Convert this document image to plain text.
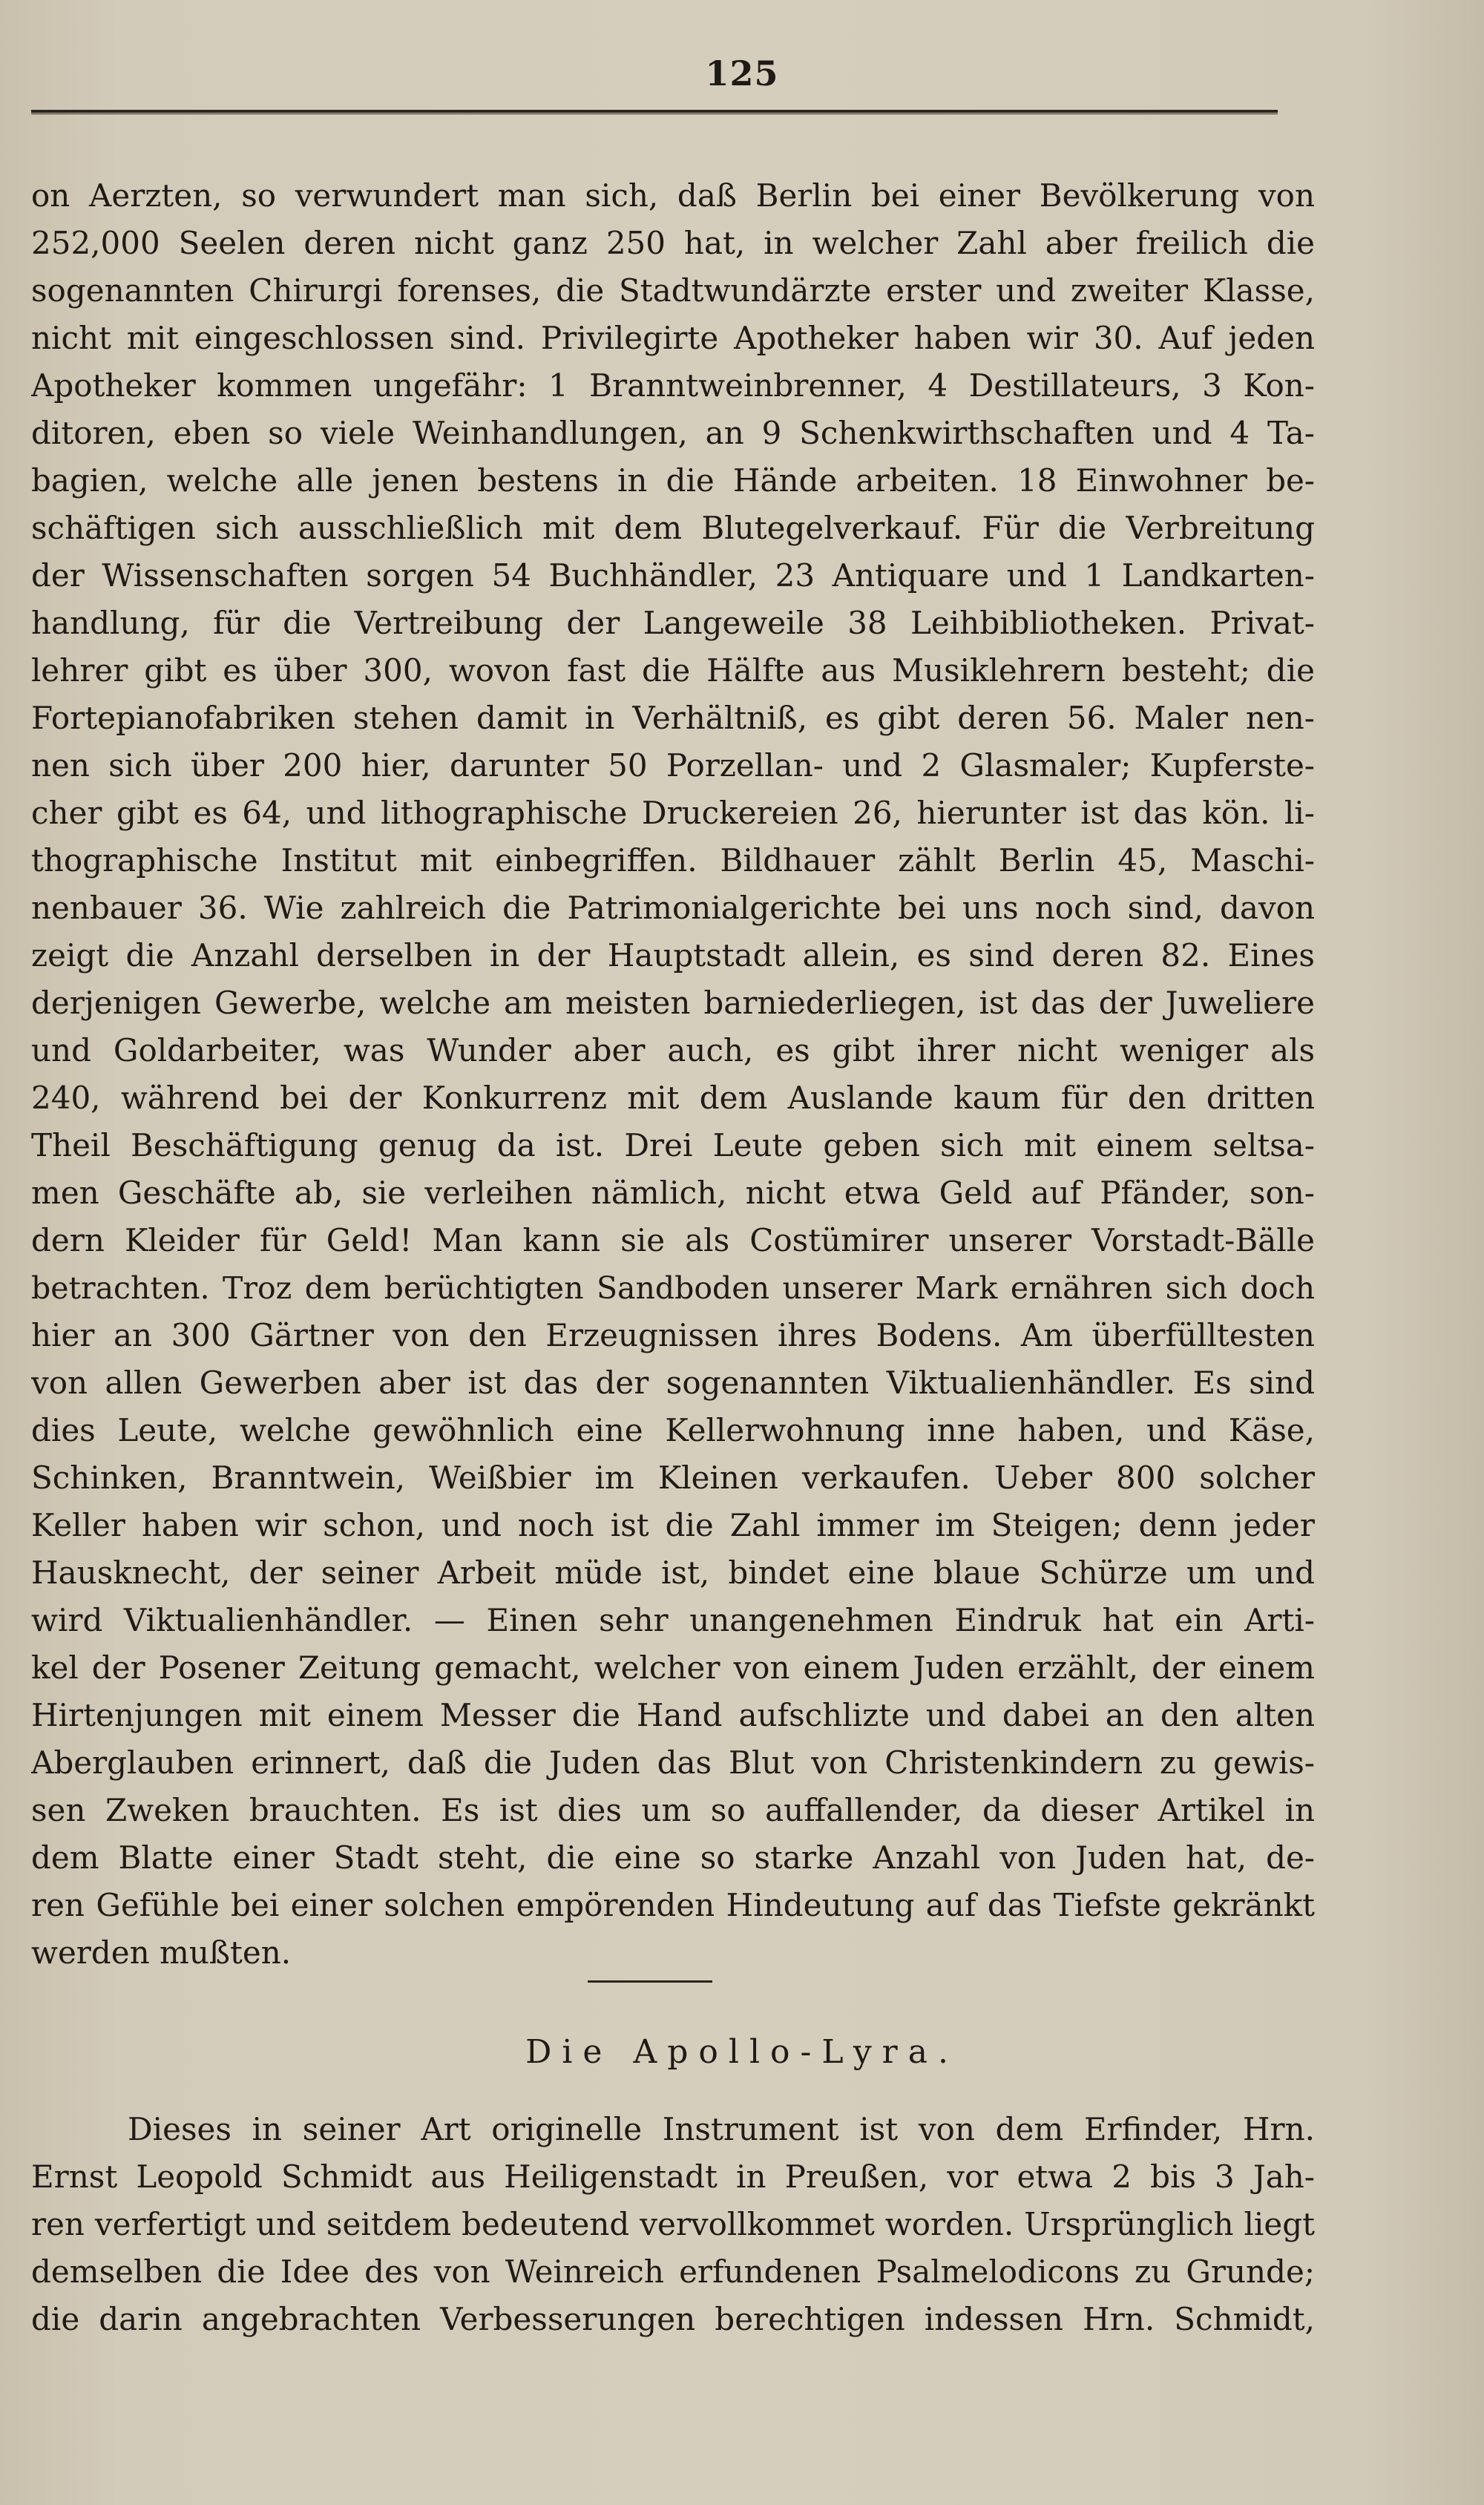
125
on Aerzten, so verwundert man sich, daß Berlin bei einer Bevölkerung von
252,000 Seelen deren nicht ganz 250 hat, in welcher Zahl aber freilich die
sogenannten Chirurgi forenses, die Stadtwundärzte erster und zweiter Klasse,
nicht mit eingeschlossen sind. Privilegirte Apotheker haben wir 30. Auf jeden
Apotheker kommen ungefähr: 1 Branntweinbrenner, 4 Destillateurs, 3 Kon-
ditoren, eben so viele Weinhandlungen, an 9 Schenkwirthschaften und 4 Ta-
bagien, welche alle jenen bestens in die Hände arbeiten. 18 Einwohner be-
schäftigen sich ausschließlich mit dem Blutegelverkauf. Für die Verbreitung
der Wissenschaften sorgen 54 Buchhändler, 23 Antiquare und 1 Landkarten-
handlung, für die Vertreibung der Langeweile 38 Leihbibliotheken. Privat-
lehrer gibt es über 300, wovon fast die Hälfte aus Musiklehrern besteht; die
Fortepianofabriken stehen damit in Verhältniß, es gibt deren 56. Maler nen-
nen sich über 200 hier, darunter 50 Porzellan- und 2 Glasmaler; Kupferste-
cher gibt es 64, und lithographische Druckereien 26, hierunter ist das kön. li-
thographische Institut mit einbegriffen. Bildhauer zählt Berlin 45, Maschi-
nenbauer 36. Wie zahlreich die Patrimonialgerichte bei uns noch sind, davon
zeigt die Anzahl derselben in der Hauptstadt allein, es sind deren 82. Eines
derjenigen Gewerbe, welche am meisten barniederliegen, ist das der Juweliere
und Goldarbeiter, was Wunder aber auch, es gibt ihrer nicht weniger als
240, während bei der Konkurrenz mit dem Auslande kaum für den dritten
Theil Beschäftigung genug da ist. Drei Leute geben sich mit einem seltsa-
men Geschäfte ab, sie verleihen nämlich, nicht etwa Geld auf Pfänder, son-
dern Kleider für Geld! Man kann sie als Costümirer unserer Vorstadt-Bälle
betrachten. Troz dem berüchtigten Sandboden unserer Mark ernähren sich doch
hier an 300 Gärtner von den Erzeugnissen ihres Bodens. Am überfülltesten
von allen Gewerben aber ist das der sogenannten Viktualienhändler. Es sind
dies Leute, welche gewöhnlich eine Kellerwohnung inne haben, und Käse,
Schinken, Branntwein, Weißbier im Kleinen verkaufen. Ueber 800 solcher
Keller haben wir schon, und noch ist die Zahl immer im Steigen; denn jeder
Hausknecht, der seiner Arbeit müde ist, bindet eine blaue Schürze um und
wird Viktualienhändler. — Einen sehr unangenehmen Eindruk hat ein Arti-
kel der Posener Zeitung gemacht, welcher von einem Juden erzählt, der einem
Hirtenjungen mit einem Messer die Hand aufschlizte und dabei an den alten
Aberglauben erinnert, daß die Juden das Blut von Christenkindern zu gewis-
sen Zweken brauchten. Es ist dies um so auffallender, da dieser Artikel in
dem Blatte einer Stadt steht, die eine so starke Anzahl von Juden hat, de-
ren Gefühle bei einer solchen empörenden Hindeutung auf das Tiefste gekränkt
werden mußten.
Die Apollo-Lyra.
Dieses in seiner Art originelle Instrument ist von dem Erfinder, Hrn.
Ernst Leopold Schmidt aus Heiligenstadt in Preußen, vor etwa 2 bis 3 Jah-
ren verfertigt und seitdem bedeutend vervollkommet worden. Ursprünglich liegt
demselben die Idee des von Weinreich erfundenen Psalmelodicons zu Grunde;
die darin angebrachten Verbesserungen berechtigen indessen Hrn. Schmidt,
